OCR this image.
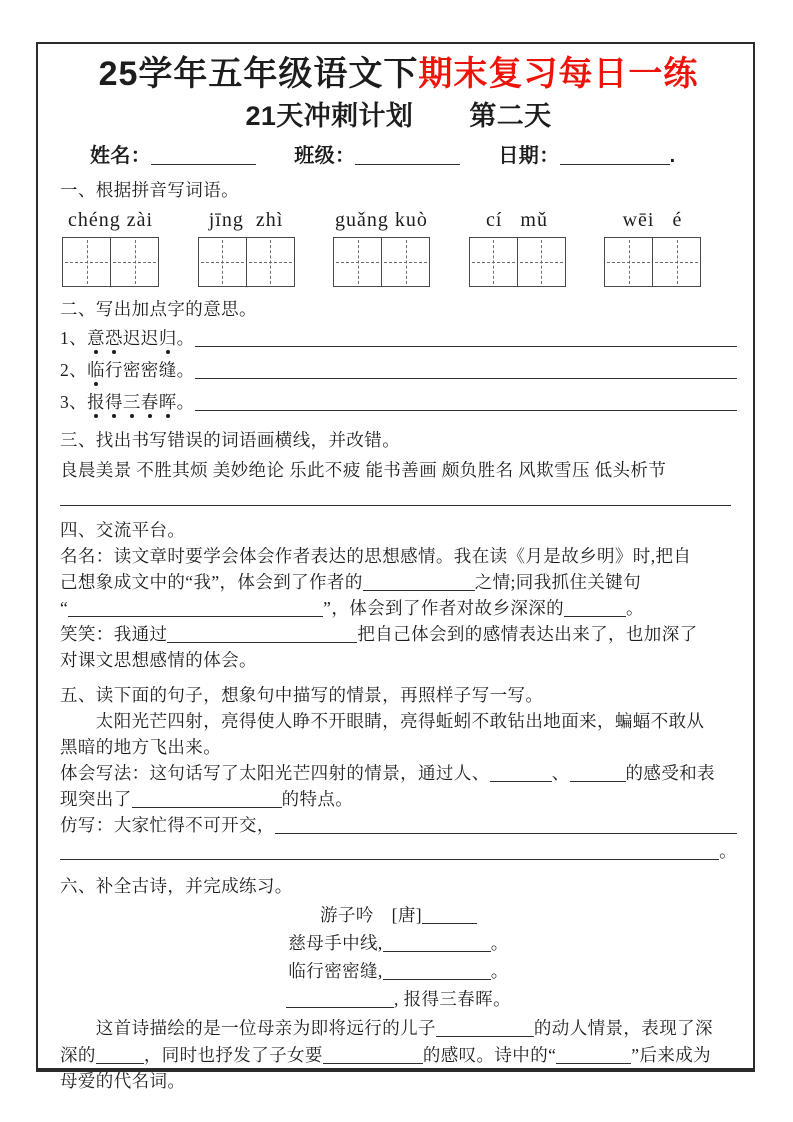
25学年五年级语文下期末复习每日一练
21天冲刺计划 第二天
姓名：	班级：	日期：	.
一、根据拼音写词语。
chéng zài	jīng  zhì	guǎng kuò	cí   mǔ	wēi   é
二、写出加点字的意思。
1、 意恐迟迟归。
2、 临行密密缝。
3、 报得三春晖。
三、找出书写错误的词语画横线，并改错。
良晨美景 不胜其烦 美妙绝论 乐此不疲 能书善画 颇负胜名 风欺雪压 低头析节
四、交流平台。
名名：读文章时要学会体会作者表达的思想感情。我在读《月是故乡明》时,把自
己想象成文中的“我”，体会到了作者的	之情;同我抓住关键句
“	”，体会到了作者对故乡深深的	。
笑笑：我通过	把自己体会到的感情表达出来了，也加深了
对课文思想感情的体会。
五、读下面的句子，想象句中描写的情景，再照样子写一写。
　　太阳光芒四射，亮得使人睁不开眼睛，亮得蚯蚓不敢钻出地面来，蝙蝠不敢从
黑暗的地方飞出来。
体会写法：这句话写了太阳光芒四射的情景，通过人、	、	的感受和表
现突出了	的特点。
仿写：大家忙得不可开交，
。
六、补全古诗，并完成练习。
游子吟　[唐]
慈母手中线,	。
临行密密缝,	。
, 报得三春晖。
　　这首诗描绘的是一位母亲为即将远行的儿子	的动人情景，表现了深
深的	，同时也抒发了子女要	的感叹。诗中的“	”后来成为
母爱的代名词。
